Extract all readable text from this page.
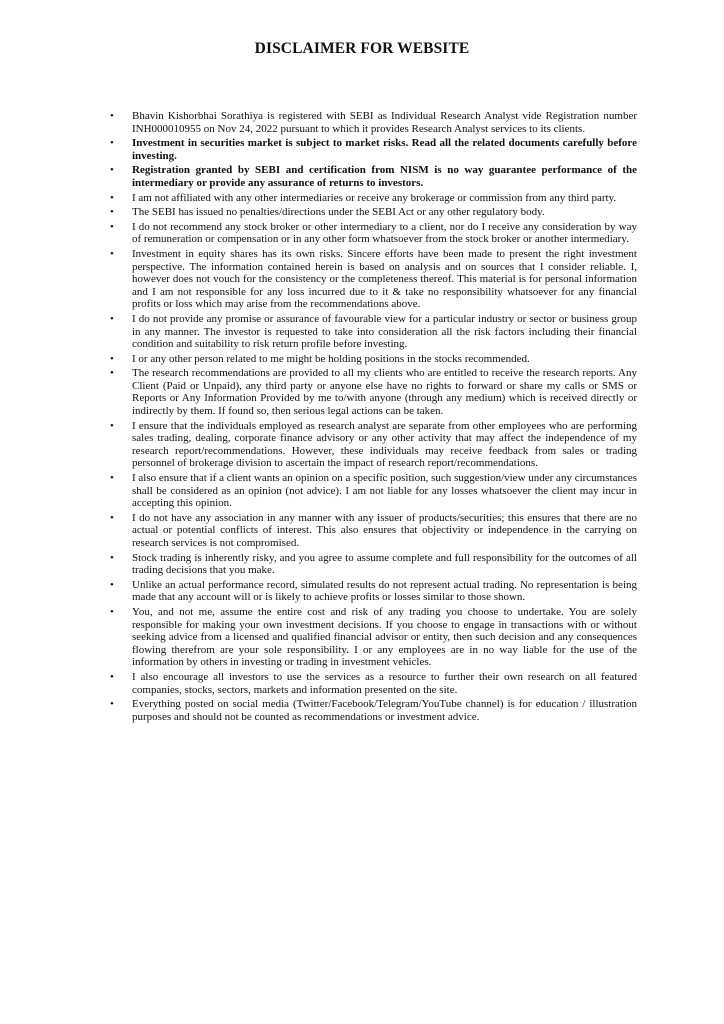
DISCLAIMER FOR WEBSITE
• Bhavin Kishorbhai Sorathiya is registered with SEBI as Individual Research Analyst vide Registration number INH000010955 on Nov 24, 2022 pursuant to which it provides Research Analyst services to its clients.
• Investment in securities market is subject to market risks. Read all the related documents carefully before investing.
• Registration granted by SEBI and certification from NISM is no way guarantee performance of the intermediary or provide any assurance of returns to investors.
• I am not affiliated with any other intermediaries or receive any brokerage or commission from any third party.
• The SEBI has issued no penalties/directions under the SEBI Act or any other regulatory body.
• I do not recommend any stock broker or other intermediary to a client, nor do I receive any consideration by way of remuneration or compensation or in any other form whatsoever from the stock broker or another intermediary.
• Investment in equity shares has its own risks. Sincere efforts have been made to present the right investment perspective. The information contained herein is based on analysis and on sources that I consider reliable. I, however does not vouch for the consistency or the completeness thereof. This material is for personal information and I am not responsible for any loss incurred due to it & take no responsibility whatsoever for any financial profits or loss which may arise from the recommendations above.
• I do not provide any promise or assurance of favourable view for a particular industry or sector or business group in any manner. The investor is requested to take into consideration all the risk factors including their financial condition and suitability to risk return profile before investing.
• I or any other person related to me might be holding positions in the stocks recommended.
• The research recommendations are provided to all my clients who are entitled to receive the research reports. Any Client (Paid or Unpaid), any third party or anyone else have no rights to forward or share my calls or SMS or Reports or Any Information Provided by me to/with anyone (through any medium) which is received directly or indirectly by them. If found so, then serious legal actions can be taken.
• I ensure that the individuals employed as research analyst are separate from other employees who are performing sales trading, dealing, corporate finance advisory or any other activity that may affect the independence of my research report/recommendations. However, these individuals may receive feedback from sales or trading personnel of brokerage division to ascertain the impact of research report/recommendations.
• I also ensure that if a client wants an opinion on a specific position, such suggestion/view under any circumstances shall be considered as an opinion (not advice). I am not liable for any losses whatsoever the client may incur in accepting this opinion.
• I do not have any association in any manner with any issuer of products/securities; this ensures that there are no actual or potential conflicts of interest. This also ensures that objectivity or independence in the carrying on research services is not compromised.
• Stock trading is inherently risky, and you agree to assume complete and full responsibility for the outcomes of all trading decisions that you make.
• Unlike an actual performance record, simulated results do not represent actual trading. No representation is being made that any account will or is likely to achieve profits or losses similar to those shown.
• You, and not me, assume the entire cost and risk of any trading you choose to undertake. You are solely responsible for making your own investment decisions. If you choose to engage in transactions with or without seeking advice from a licensed and qualified financial advisor or entity, then such decision and any consequences flowing therefrom are your sole responsibility. I or any employees are in no way liable for the use of the information by others in investing or trading in investment vehicles.
• I also encourage all investors to use the services as a resource to further their own research on all featured companies, stocks, sectors, markets and information presented on the site.
• Everything posted on social media (Twitter/Facebook/Telegram/YouTube channel) is for education / illustration purposes and should not be counted as recommendations or investment advice.
